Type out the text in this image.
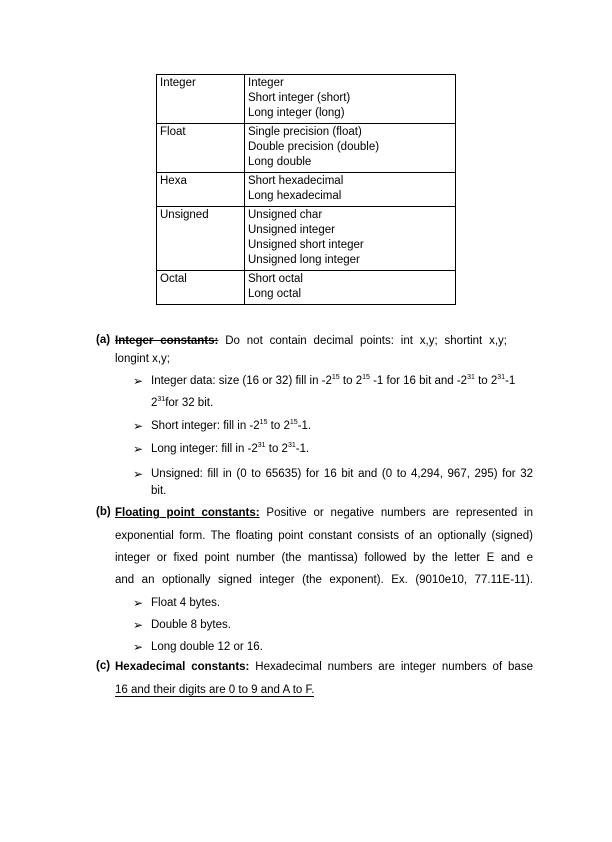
Integer	Integer
Short integer (short)
Long integer (long)

Float	Single precision (float)
Double precision (double)
Long double

Hexa	Short hexadecimal
Long hexadecimal

Unsigned	Unsigned char
Unsigned integer
Unsigned short integer
Unsigned long integer

Octal	Short octal
Long octal
(a) Integer constants: Do not contain decimal points: int x,y; shortint x,y;
longint x,y;
➢ Integer data: size (16 or 32) fill in $-2^{15}$ to $2^{15}$ -1 for 16 bit and $-2^{31}$ to $2^{31}-1$
$2^{31}for$ 32 bit.
➢ Short integer: fill in $-2^{15}$ to $2^{15}-1$.
➢ Long integer: fill in $-2^{31}$ to $2^{31}-1$.
➢ Unsigned: fill in (0 to 65635) for 16 bit and (0 to 4,294, 967, 295) for 32
bit.
(b) Floating point constants: Positive or negative numbers are represented in
exponential form. The floating point constant consists of an optionally (signed)
integer or fixed point number (the mantissa) followed by the letter E and e
and an optionally signed integer (the exponent). Ex. (9010e10, 77.11E-11).
➢ Float 4 bytes.
➢ Double 8 bytes.
➢ Long double 12 or 16.
(c) Hexadecimal constants: Hexadecimal numbers are integer numbers of base
16 and their digits are 0 to 9 and A to F.
